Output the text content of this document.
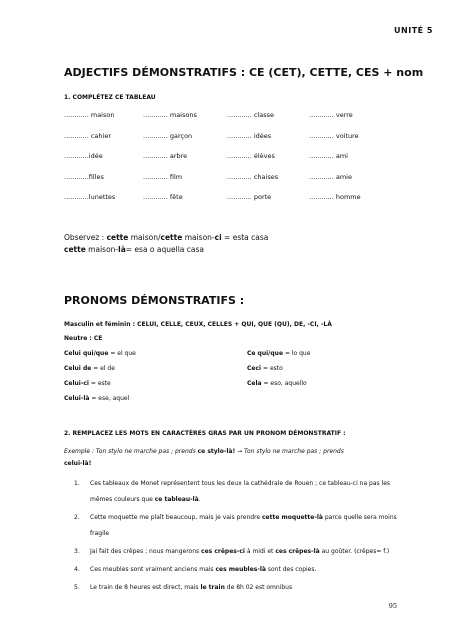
UNITÉ 5
ADJECTIFS DÉMONSTRATIFS : CE (CET), CETTE, CES + nom
1. COMPLÉTEZ CE TABLEAU
............ maison	............ maisons	............ classe	............ verre
............ cahier	............ garçon	............ idées	............ voiture
............idée	............ arbre	............ élèves	............ ami
............filles	............ film	............ chaises	............ amie
............lunettes	............ fête	............ porte	............ homme
Observez : cette maison/cette maison-ci = esta casa
cette maison-là= esa o aquella casa
PRONOMS DÉMONSTRATIFS :
Masculin et féminin : CELUI, CELLE, CEUX, CELLES + QUI, QUE (QU), DE, -CI, -LÀ
Neutre : CE
Celui qui/que = el que	Ce qui/que = lo que
Celui de = el de	Ceci = esto
Celui-ci = este	Cela = eso, aquello
Celui-là = ese, aquel
2. REMPLACEZ LES MOTS EN CARACTÈRES GRAS PAR UN PRONOM DÉMONSTRATIF :
Exemple : Ton stylo ne marche pas ; prends ce stylo-là! → Ton stylo ne marche pas ; prends
celui-là!
1. Ces tableaux de Monet représentent tous les deux la cathédrale de Rouen ; ce tableau-ci na pas les mêmes couleurs que ce tableau-là.
2. Cette moquette me plaît beaucoup, mais je vais prendre cette moquette-là parce quelle sera moins fragile
3. Jai fait des crêpes ; nous mangerons ces crêpes-ci à midi et ces crêpes-là au goûter. (crêpes= f.)
4. Ces meubles sont vraiment anciens mais ces meubles-là sont des copies.
5. Le train de 8 heures est direct, mais le train de 8h 02 est omnibus
95
